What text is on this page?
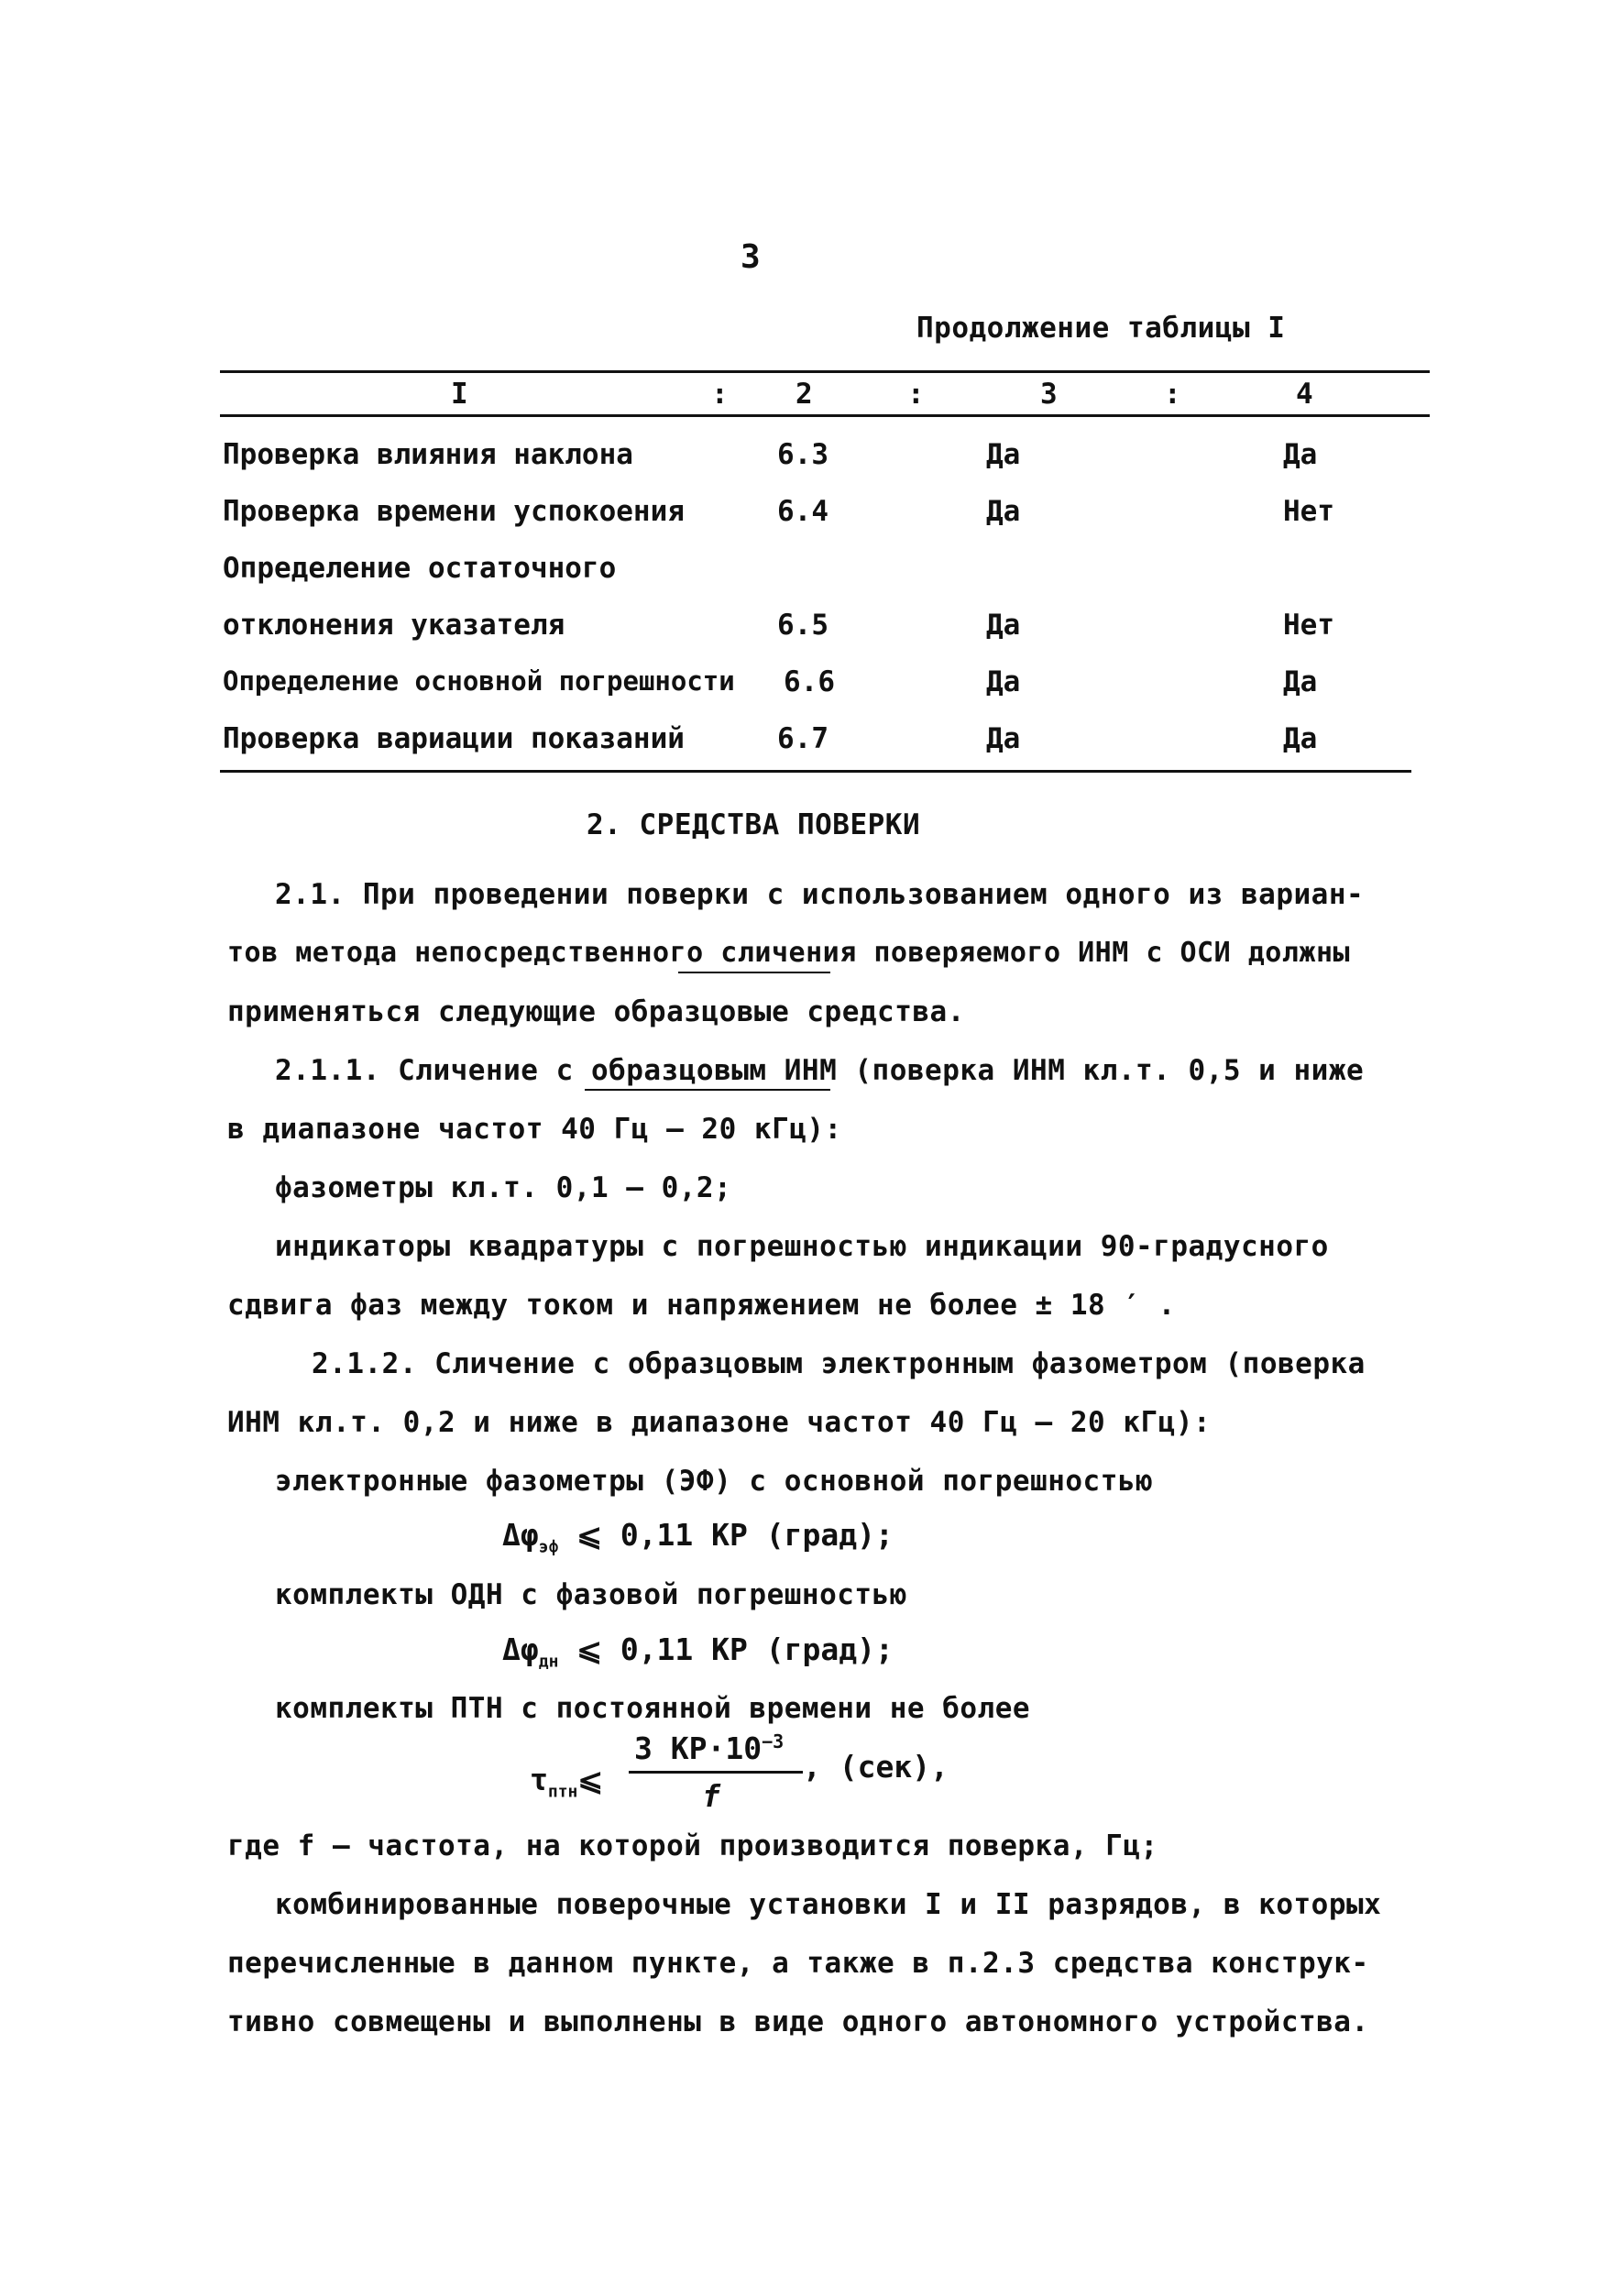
3
Продолжение таблицы I
I	: 2	:	3	:	4
Проверка влияния наклона	6.3	Да	Да
Проверка времени успокоения	6.4	Да	Нет
Определение остаточного
отклонения указателя	6.5	Да	Нет
Определение основной погрешности 6.6	Да	Да
Проверка вариации показаний	6.7	Да	Да
2. СРЕДСТВА ПОВЕРКИ
2.1. При проведении поверки с использованием одного из вариан-
тов метода непосредственного сличения поверяемого ИНМ с ОСИ должны
применяться следующие образцовые средства.
2.1.1. Сличение с образцовым ИНМ (поверка ИНМ кл.т. 0,5 и ниже
в диапазоне частот 40 Гц – 20 кГц):
фазометры кл.т. 0,1 – 0,2;
индикаторы квадратуры с погрешностью индикации 90-градусного
сдвига фаз между током и напряжением не более ± 18 ′ .
2.1.2. Сличение с образцовым электронным фазометром (поверка
ИНМ кл.т. 0,2 и ниже в диапазоне частот 40 Гц – 20 кГц):
электронные фазометры (ЭФ) с основной погрешностью
$\Delta\varphi_{эф}$ ⩽ 0,11 КР (град);
комплекты ОДН с фазовой погрешностью
$\Delta\varphi_{дн}$ ⩽ 0,11 КР (град);
комплекты ПТН с постоянной времени не более
$\tau_{птн}⩽$
3 $КР\cdot 10^{-3}$
f
, (сек),
где f – частота, на которой производится поверка, Гц;
комбинированные поверочные установки I и II разрядов, в которых
перечисленные в данном пункте, а также в п.2.3 средства конструк-
тивно совмещены и выполнены в виде одного автономного устройства.
